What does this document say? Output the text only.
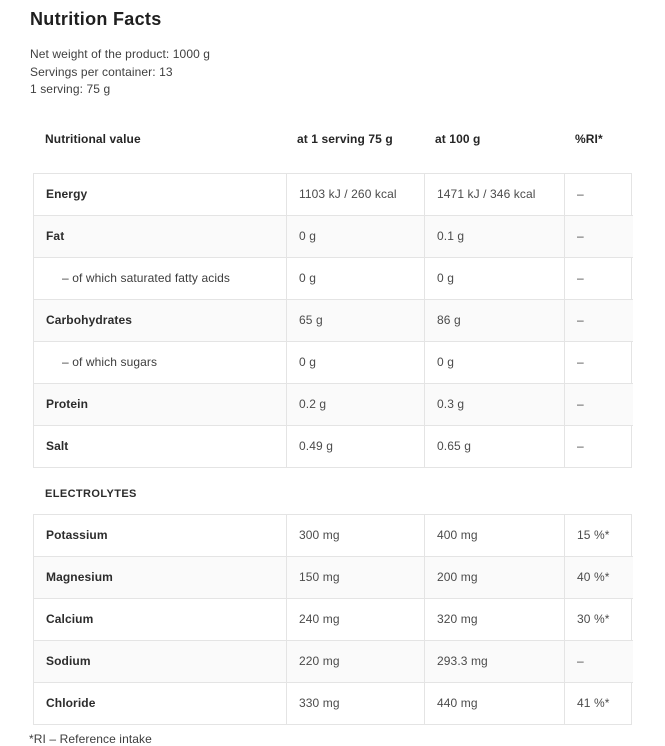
Nutrition Facts

Net weight of the product: 1000 g

Servings per container: 13

1 serving: 75 g

Nutritional value	at 1 serving 75 g	at 100 g	%RI*
Energy	1103 kJ / 260 kcal	1471 kJ / 346 kcal	–
Fat	0 g	0.1 g	–
– of which saturated fatty acids	0 g	0 g	–
Carbohydrates	65 g	86 g	–
– of which sugars	0 g	0 g	–
Protein	0.2 g	0.3 g	–
Salt	0.49 g	0.65 g	–
ELECTROLYTES
Potassium	300 mg	400 mg	15 %*
Magnesium	150 mg	200 mg	40 %*
Calcium	240 mg	320 mg	30 %*
Sodium	220 mg	293.3 mg	–
Chloride	330 mg	440 mg	41 %*

*RI – Reference intake
